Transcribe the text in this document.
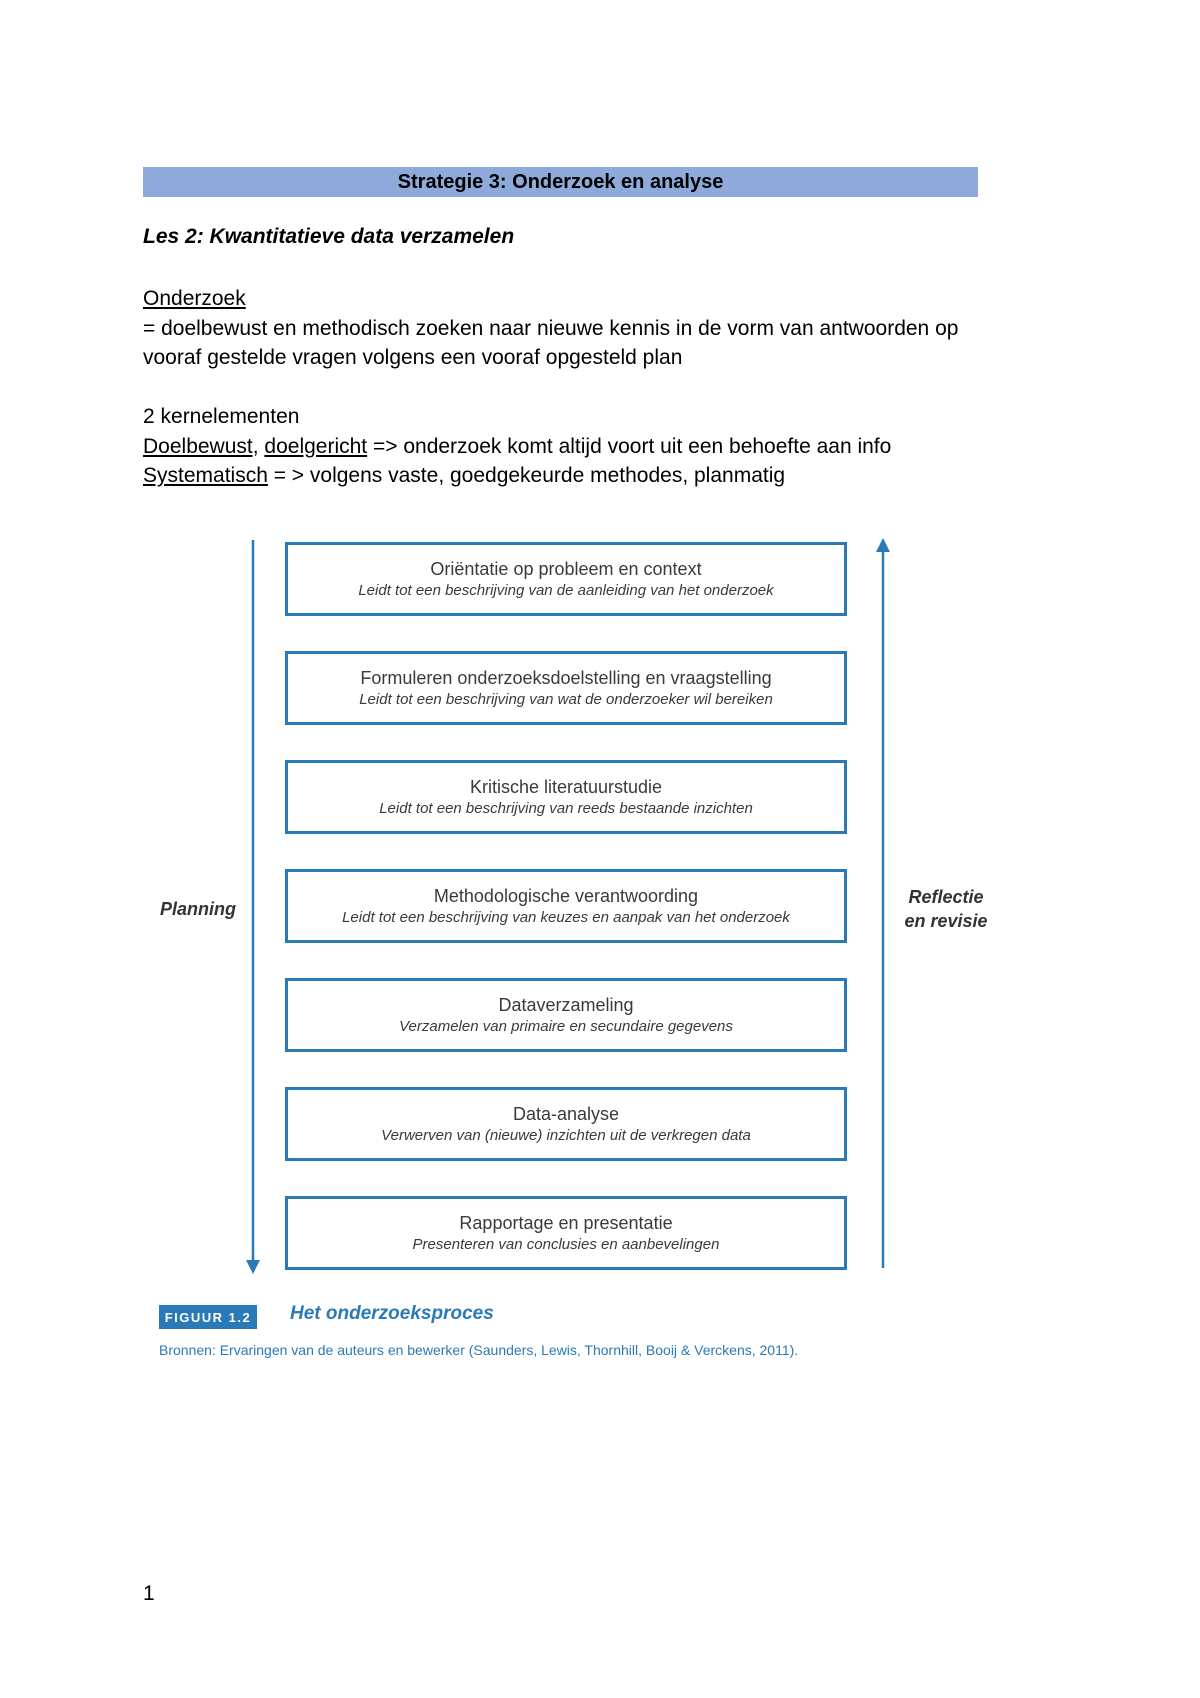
Strategie 3: Onderzoek en analyse
Les 2: Kwantitatieve data verzamelen
Onderzoek
= doelbewust en methodisch zoeken naar nieuwe kennis in de vorm van antwoorden op
vooraf gestelde vragen volgens een vooraf opgesteld plan
2 kernelementen
Doelbewust, doelgericht => onderzoek komt altijd voort uit een behoefte aan info
Systematisch = > volgens vaste, goedgekeurde methodes, planmatig
Planning
Reflectie
en revisie
Oriëntatie op probleem en context
Leidt tot een beschrijving van de aanleiding van het onderzoek
Formuleren onderzoeksdoelstelling en vraagstelling
Leidt tot een beschrijving van wat de onderzoeker wil bereiken
Kritische literatuurstudie
Leidt tot een beschrijving van reeds bestaande inzichten
Methodologische verantwoording
Leidt tot een beschrijving van keuzes en aanpak van het onderzoek
Dataverzameling
Verzamelen van primaire en secundaire gegevens
Data-analyse
Verwerven van (nieuwe) inzichten uit de verkregen data
Rapportage en presentatie
Presenteren van conclusies en aanbevelingen
FIGUUR 1.2	Het onderzoeksproces
Bronnen: Ervaringen van de auteurs en bewerker (Saunders, Lewis, Thornhill, Booij & Verckens, 2011).
1
